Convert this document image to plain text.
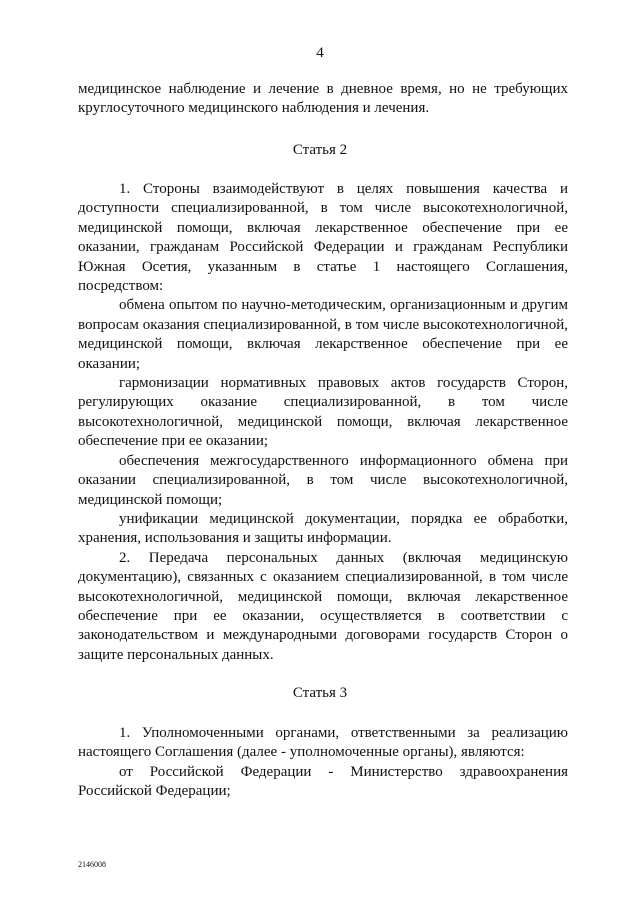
4

медицинское наблюдение и лечение в дневное время, но не требующих круглосуточного медицинского наблюдения и лечения.

Статья 2

1. Стороны взаимодействуют в целях повышения качества и доступности специализированной, в том числе высокотехнологичной, медицинской помощи, включая лекарственное обеспечение при ее оказании, гражданам Российской Федерации и гражданам Республики Южная Осетия, указанным в статье 1 настоящего Соглашения, посредством:

обмена опытом по научно-методическим, организационным и другим вопросам оказания специализированной, в том числе высокотехнологичной, медицинской помощи, включая лекарственное обеспечение при ее оказании;

гармонизации нормативных правовых актов государств Сторон, регулирующих оказание специализированной, в том числе высокотехнологичной, медицинской помощи, включая лекарственное обеспечение при ее оказании;

обеспечения межгосударственного информационного обмена при оказании специализированной, в том числе высокотехнологичной, медицинской помощи;

унификации медицинской документации, порядка ее обработки, хранения, использования и защиты информации.

2. Передача персональных данных (включая медицинскую документацию), связанных с оказанием специализированной, в том числе высокотехнологичной, медицинской помощи, включая лекарственное обеспечение при ее оказании, осуществляется в соответствии с законодательством и международными договорами государств Сторон о защите персональных данных.

Статья 3

1. Уполномоченными органами, ответственными за реализацию настоящего Соглашения (далее - уполномоченные органы), являются:

от Российской Федерации - Министерство здравоохранения Российской Федерации;

2146008
